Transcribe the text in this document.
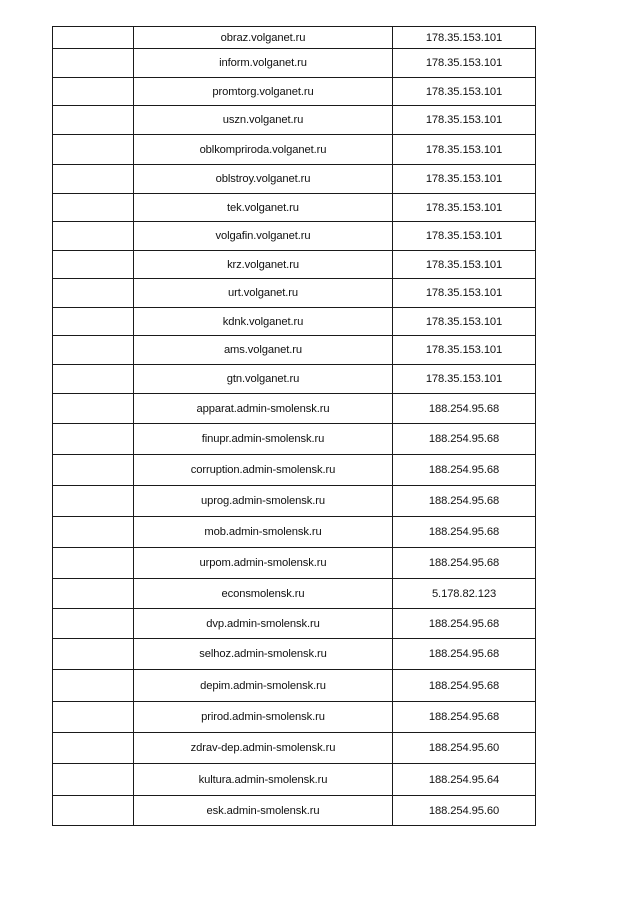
	obraz.volganet.ru	178.35.153.101
	inform.volganet.ru	178.35.153.101
	promtorg.volganet.ru	178.35.153.101
	uszn.volganet.ru	178.35.153.101
	oblkompriroda.volganet.ru	178.35.153.101
	oblstroy.volganet.ru	178.35.153.101
	tek.volganet.ru	178.35.153.101
	volgafin.volganet.ru	178.35.153.101
	krz.volganet.ru	178.35.153.101
	urt.volganet.ru	178.35.153.101
	kdnk.volganet.ru	178.35.153.101
	ams.volganet.ru	178.35.153.101
	gtn.volganet.ru	178.35.153.101
	apparat.admin-smolensk.ru	188.254.95.68
	finupr.admin-smolensk.ru	188.254.95.68
	corruption.admin-smolensk.ru	188.254.95.68
	uprog.admin-smolensk.ru	188.254.95.68
	mob.admin-smolensk.ru	188.254.95.68
	urpom.admin-smolensk.ru	188.254.95.68
	econsmolensk.ru	5.178.82.123
	dvp.admin-smolensk.ru	188.254.95.68
	selhoz.admin-smolensk.ru	188.254.95.68
	depim.admin-smolensk.ru	188.254.95.68
	prirod.admin-smolensk.ru	188.254.95.68
	zdrav-dep.admin-smolensk.ru	188.254.95.60
	kultura.admin-smolensk.ru	188.254.95.64
	esk.admin-smolensk.ru	188.254.95.60
